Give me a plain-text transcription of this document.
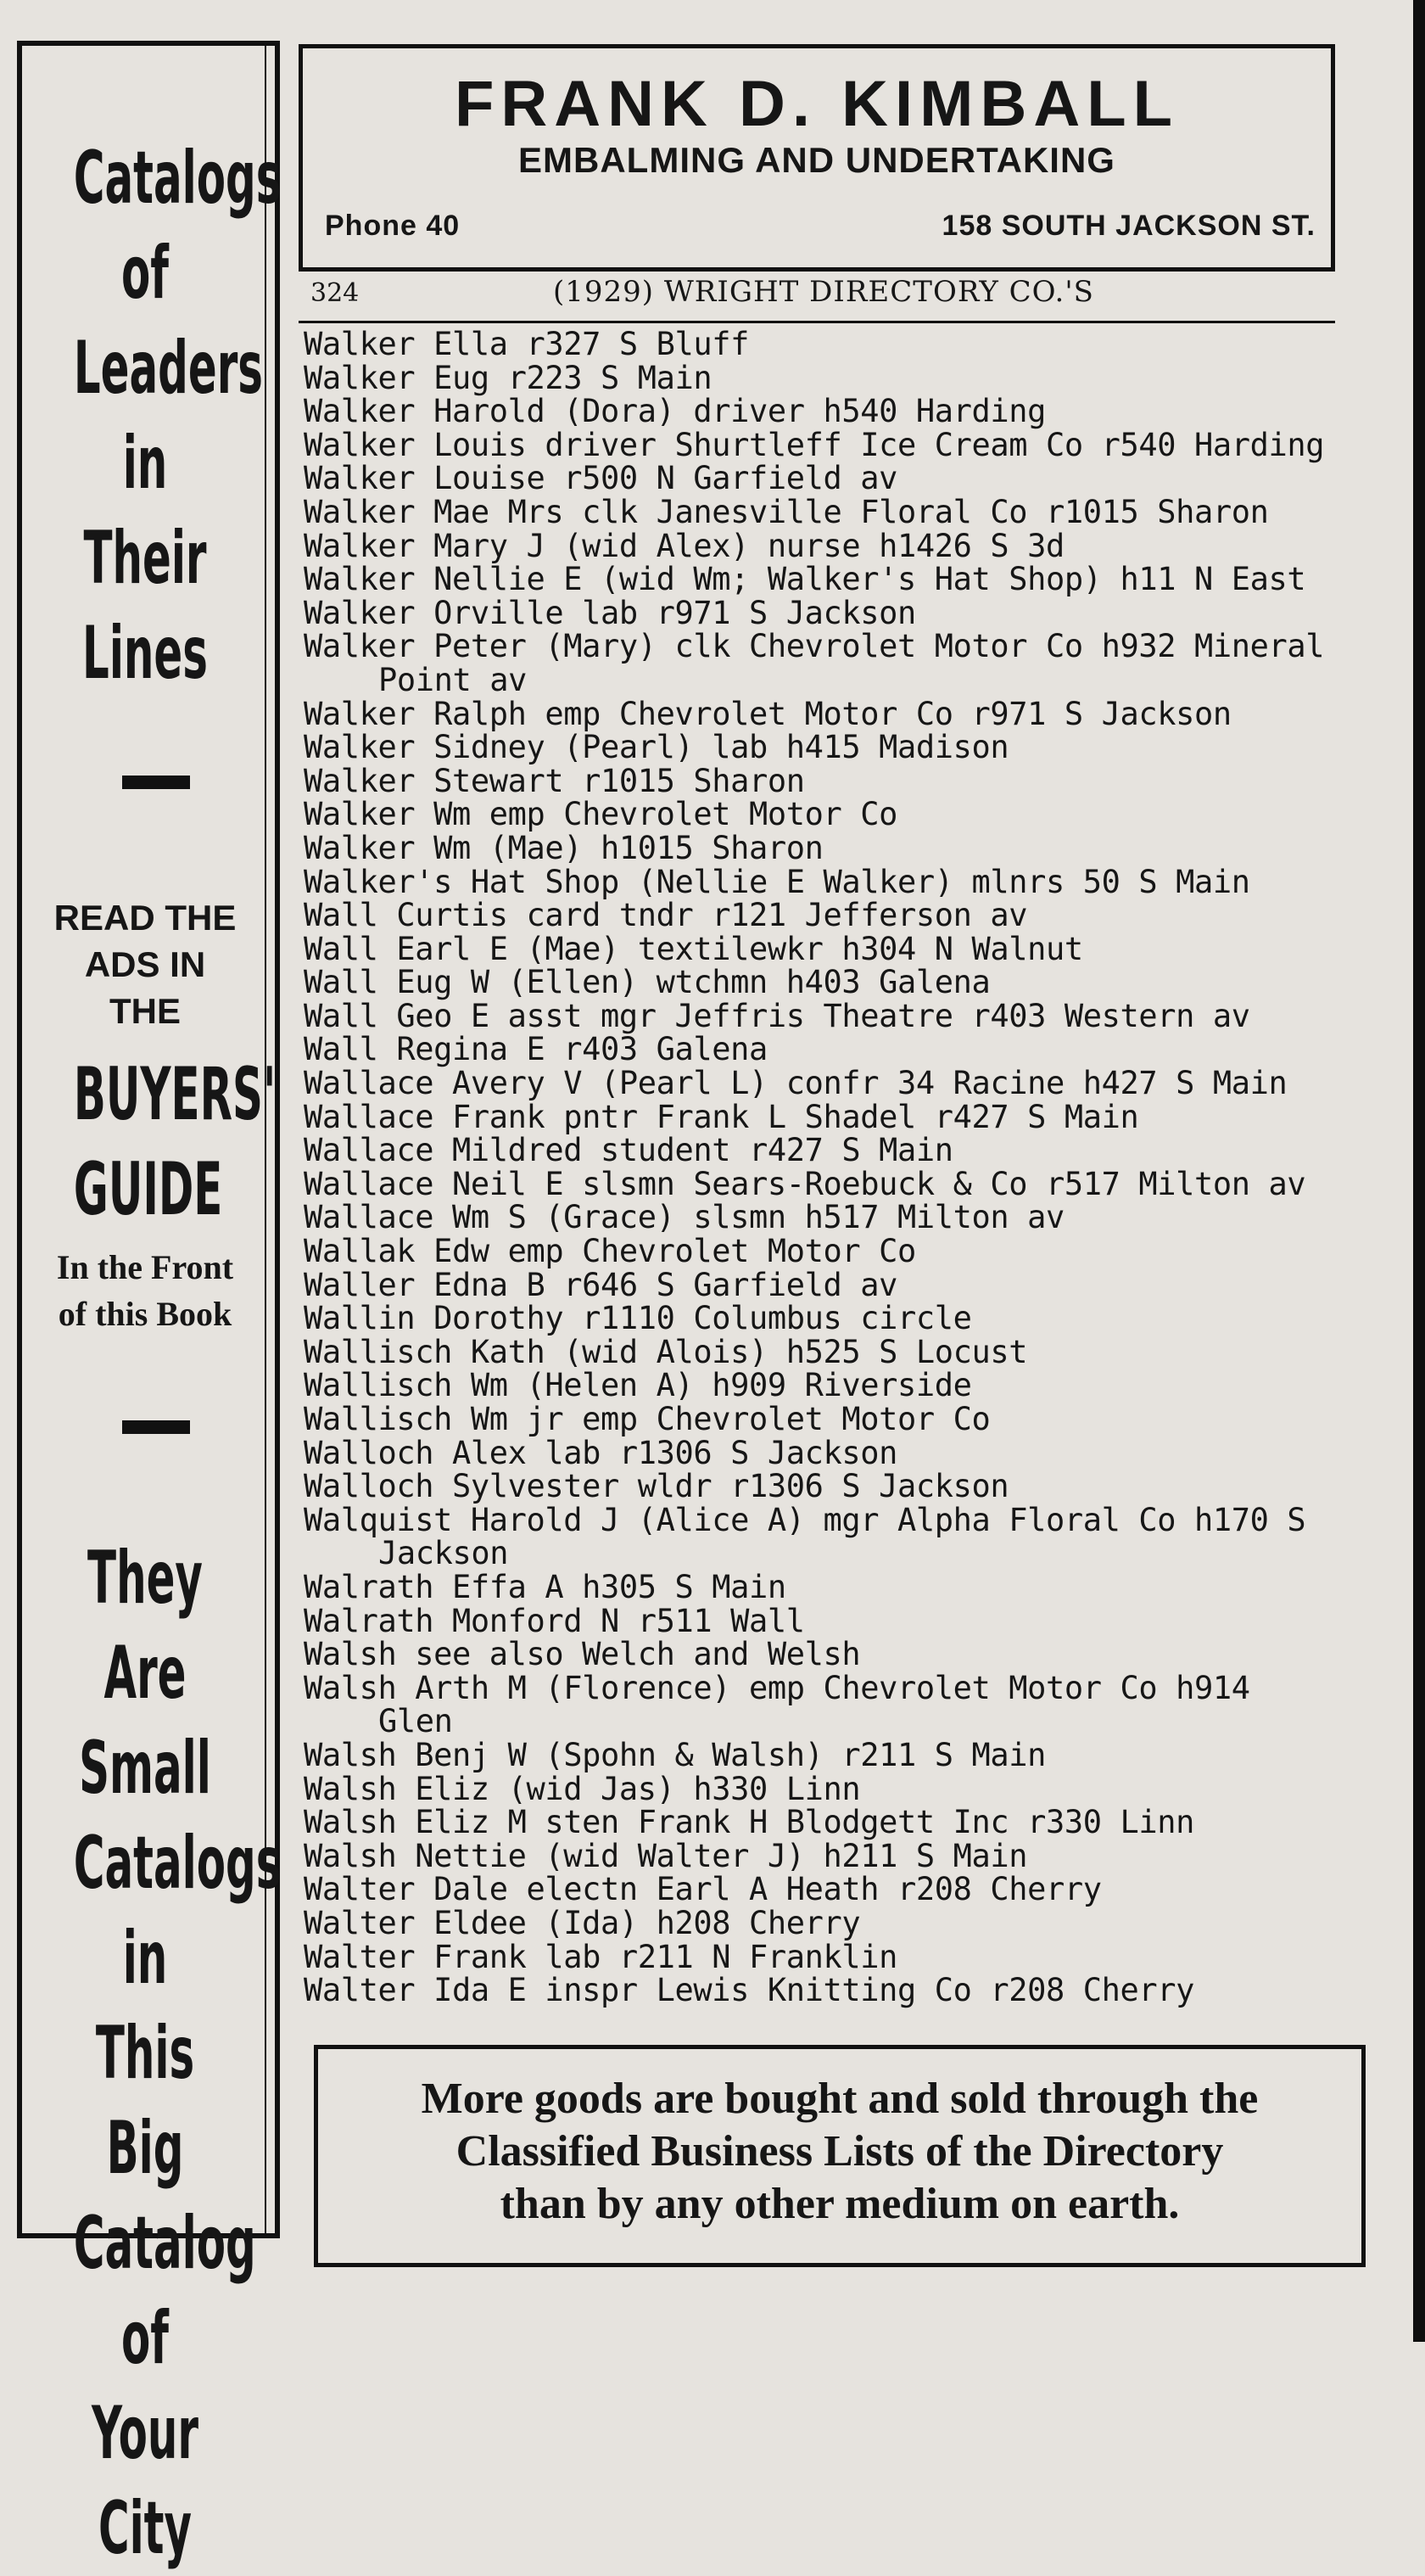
Catalogs
of
Leaders
in
Their
Lines
READ THE
ADS IN
THE
BUYERS'
GUIDE
In the Front
of this Book
They Are
Small
Catalogs
in
This Big
Catalog of
Your City
FRANK D. KIMBALL
EMBALMING AND UNDERTAKING
Phone 40	158 SOUTH JACKSON ST.
324	(1929) WRIGHT DIRECTORY CO.'S
Walker Ella r327 S Bluff
Walker Eug r223 S Main
Walker Harold (Dora) driver h540 Harding
Walker Louis driver Shurtleff Ice Cream Co r540 Harding
Walker Louise r500 N Garfield av
Walker Mae Mrs clk Janesville Floral Co r1015 Sharon
Walker Mary J (wid Alex) nurse h1426 S 3d
Walker Nellie E (wid Wm; Walker's Hat Shop) h11 N East
Walker Orville lab r971 S Jackson
Walker Peter (Mary) clk Chevrolet Motor Co h932 Mineral
Point av
Walker Ralph emp Chevrolet Motor Co r971 S Jackson
Walker Sidney (Pearl) lab h415 Madison
Walker Stewart r1015 Sharon
Walker Wm emp Chevrolet Motor Co
Walker Wm (Mae) h1015 Sharon
Walker's Hat Shop (Nellie E Walker) mlnrs 50 S Main
Wall Curtis card tndr r121 Jefferson av
Wall Earl E (Mae) textilewkr h304 N Walnut
Wall Eug W (Ellen) wtchmn h403 Galena
Wall Geo E asst mgr Jeffris Theatre r403 Western av
Wall Regina E r403 Galena
Wallace Avery V (Pearl L) confr 34 Racine h427 S Main
Wallace Frank pntr Frank L Shadel r427 S Main
Wallace Mildred student r427 S Main
Wallace Neil E slsmn Sears-Roebuck & Co r517 Milton av
Wallace Wm S (Grace) slsmn h517 Milton av
Wallak Edw emp Chevrolet Motor Co
Waller Edna B r646 S Garfield av
Wallin Dorothy r1110 Columbus circle
Wallisch Kath (wid Alois) h525 S Locust
Wallisch Wm (Helen A) h909 Riverside
Wallisch Wm jr emp Chevrolet Motor Co
Walloch Alex lab r1306 S Jackson
Walloch Sylvester wldr r1306 S Jackson
Walquist Harold J (Alice A) mgr Alpha Floral Co h170 S
Jackson
Walrath Effa A h305 S Main
Walrath Monford N r511 Wall
Walsh see also Welch and Welsh
Walsh Arth M (Florence) emp Chevrolet Motor Co h914
Glen
Walsh Benj W (Spohn & Walsh) r211 S Main
Walsh Eliz (wid Jas) h330 Linn
Walsh Eliz M sten Frank H Blodgett Inc r330 Linn
Walsh Nettie (wid Walter J) h211 S Main
Walter Dale electn Earl A Heath r208 Cherry
Walter Eldee (Ida) h208 Cherry
Walter Frank lab r211 N Franklin
Walter Ida E inspr Lewis Knitting Co r208 Cherry
More goods are bought and sold through the
Classified Business Lists of the Directory
than by any other medium on earth.
